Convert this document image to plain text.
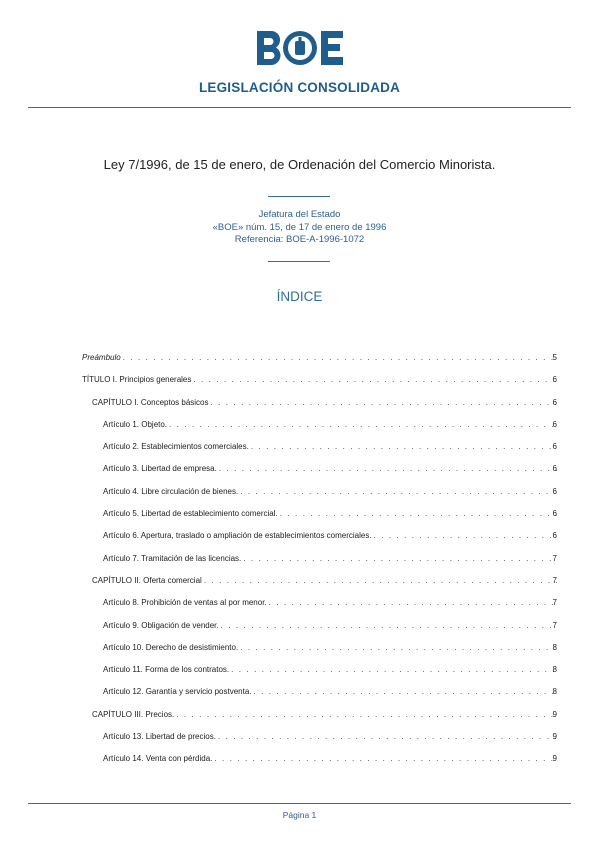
LEGISLACIÓN CONSOLIDADA
Ley 7/1996, de 15 de enero, de Ordenación del Comercio Minorista.
Jefatura del Estado
«BOE» núm. 15, de 17 de enero de 1996
Referencia: BOE-A-1996-1072
ÍNDICE
Preámbulo . . .	5
TÍTULO I. Principios generales . . .	6
CAPÍTULO I. Conceptos básicos . . .	6
Artículo 1. Objeto. . . .	6
Artículo 2. Establecimientos comerciales. . . .	6
Artículo 3. Libertad de empresa. . . .	6
Artículo 4. Libre circulación de bienes. . . .	6
Artículo 5. Libertad de establecimiento comercial. . . .	6
Artículo 6. Apertura, traslado o ampliación de establecimientos comerciales. . . .	6
Artículo 7. Tramitación de las licencias. . . .	7
CAPÍTULO II. Oferta comercial . . .	7
Artículo 8. Prohibición de ventas al por menor. . . .	7
Artículo 9. Obligación de vender. . . .	7
Artículo 10. Derecho de desistimiento. . . .	8
Artículo 11. Forma de los contratos. . . .	8
Artículo 12. Garantía y servicio postventa. . . .	8
CAPÍTULO III. Precios. . . .	9
Artículo 13. Libertad de precios. . . .	9
Artículo 14. Venta con pérdida. . . .	9
Página 1
